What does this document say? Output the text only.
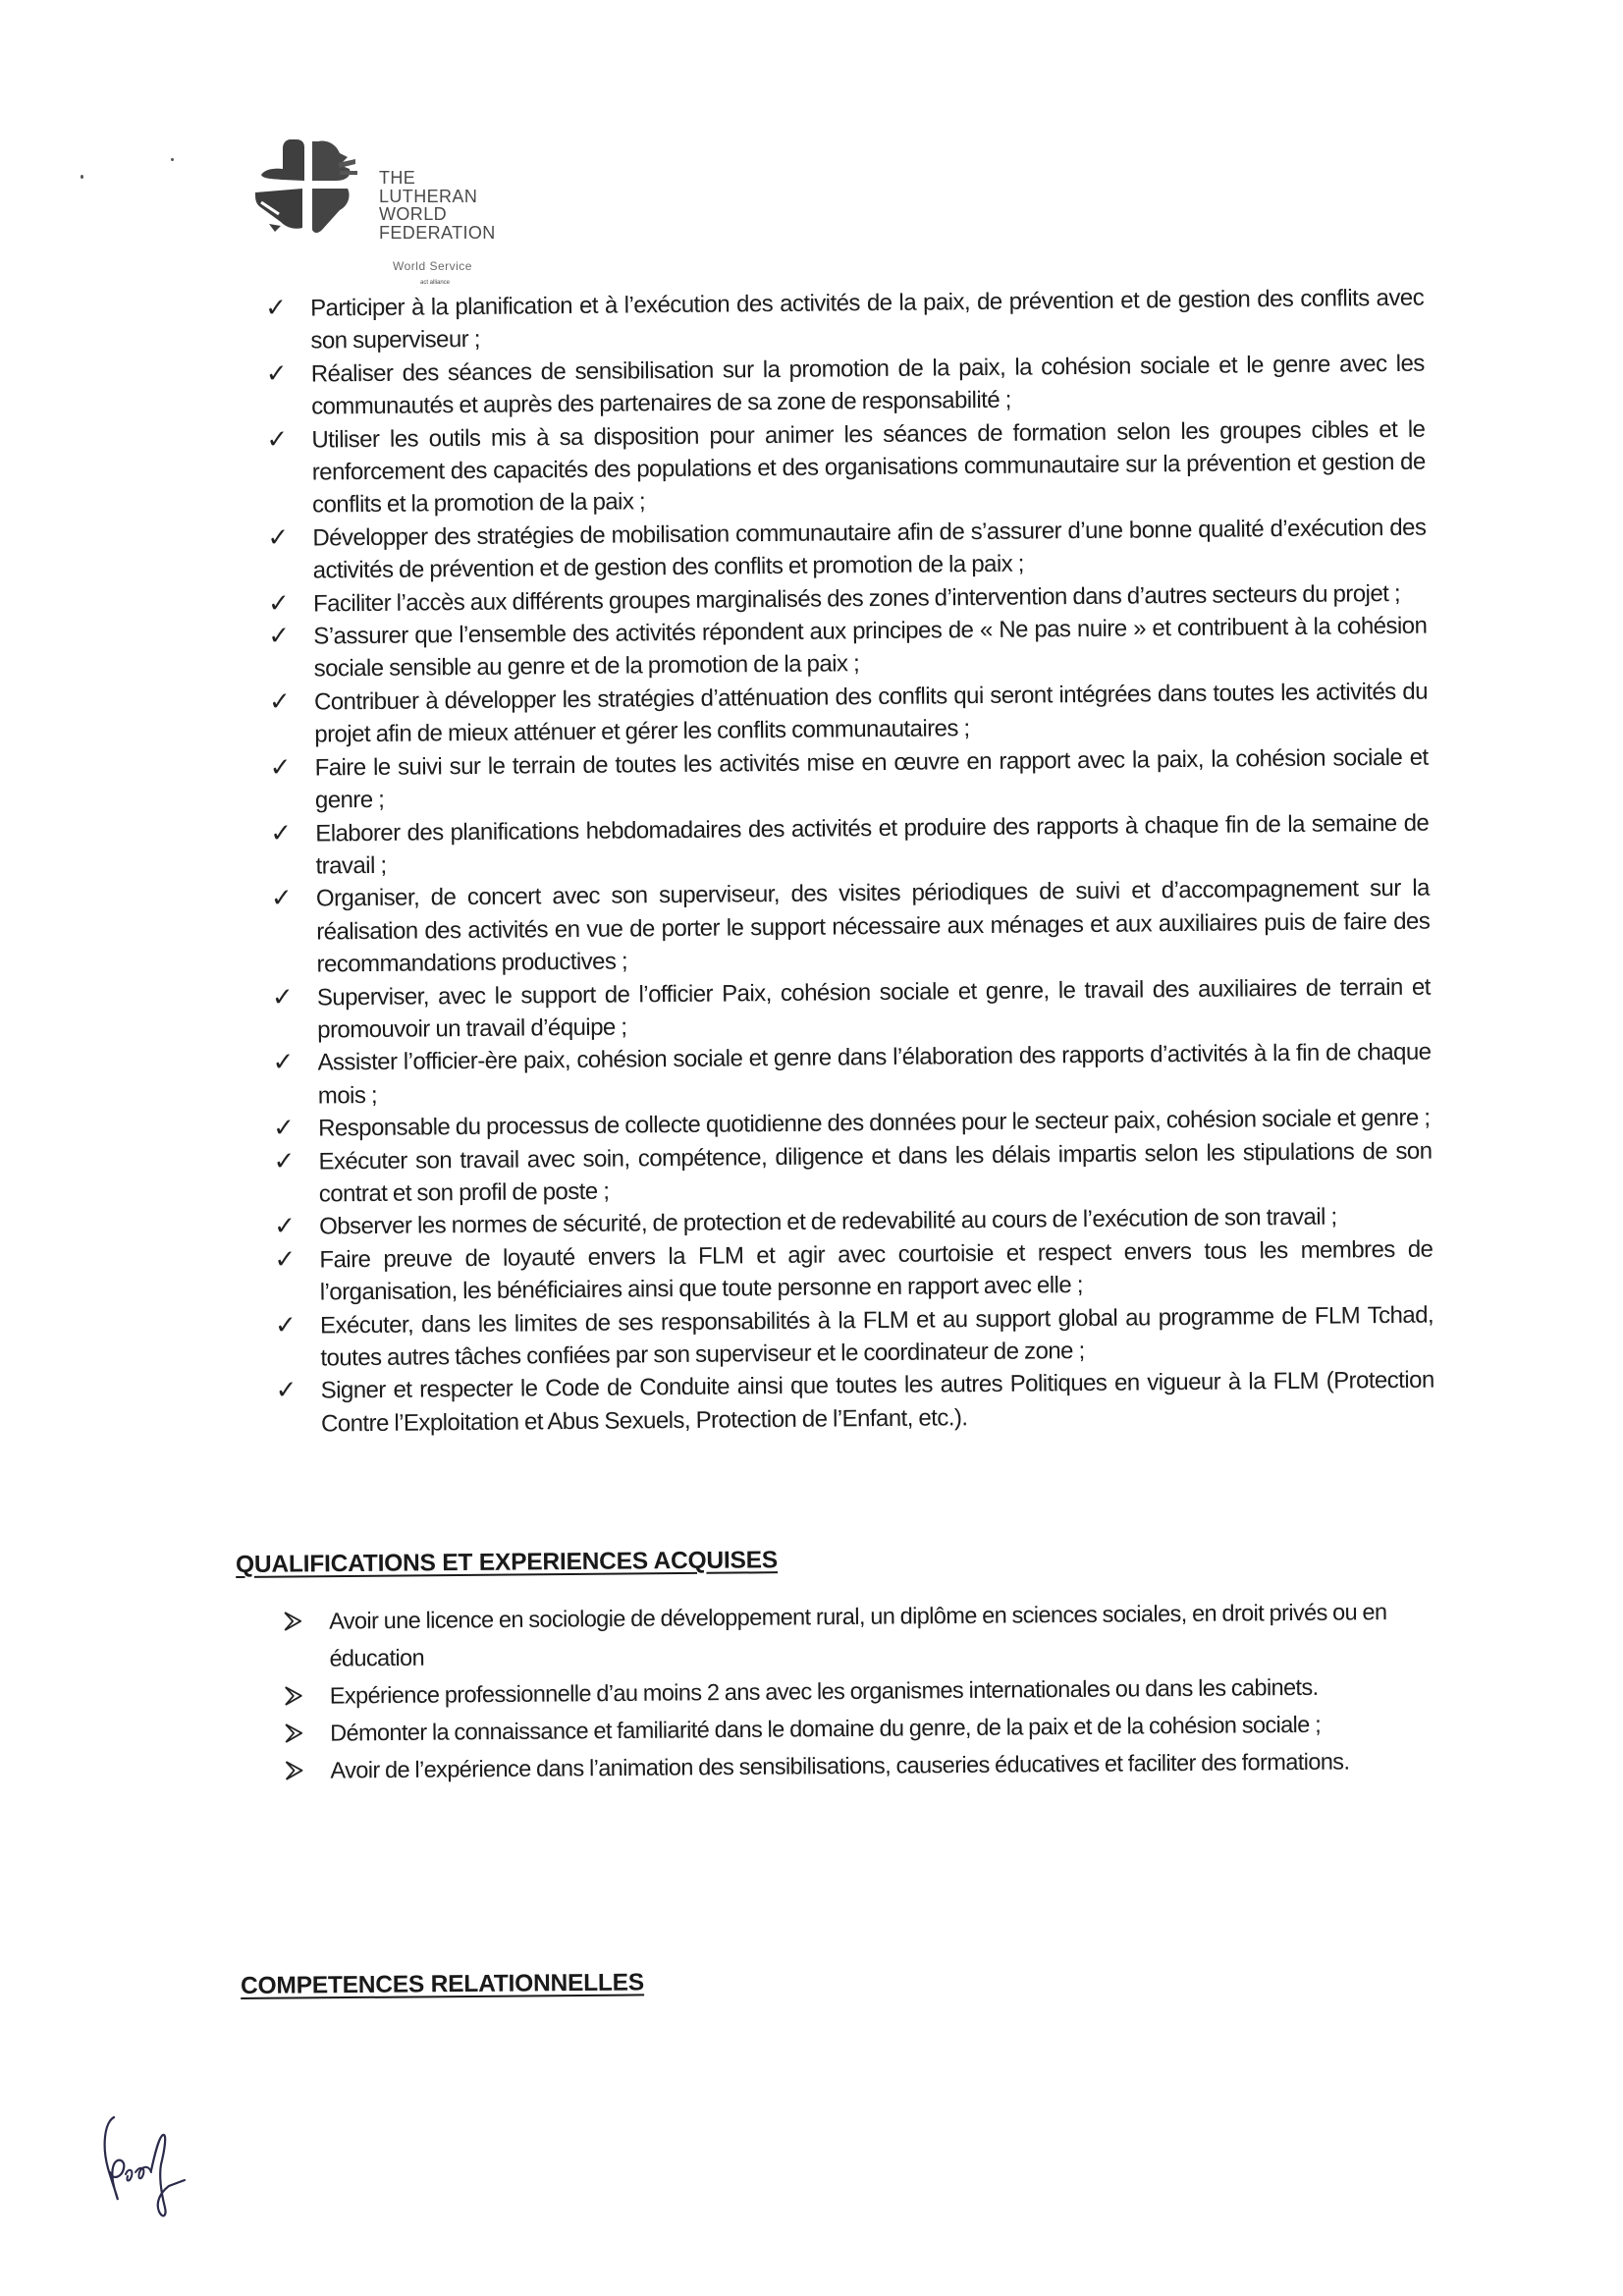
THE
LUTHERAN
WORLD
FEDERATION
World Service
act alliance
✓ Participer à la planification et à l’exécution des activités de la paix, de prévention et de gestion des conflits avec son superviseur ;
✓ Réaliser des séances de sensibilisation sur la promotion de la paix, la cohésion sociale et le genre avec les communautés et auprès des partenaires de sa zone de responsabilité ;
✓ Utiliser les outils mis à sa disposition pour animer les séances de formation selon les groupes cibles et le renforcement des capacités des populations et des organisations communautaire sur la prévention et gestion de conflits et la promotion de la paix ;
✓ Développer des stratégies de mobilisation communautaire afin de s’assurer d’une bonne qualité d’exécution des activités de prévention et de gestion des conflits et promotion de la paix ;
✓ Faciliter l’accès aux différents groupes marginalisés des zones d’intervention dans d’autres secteurs du projet ;
✓ S’assurer que l’ensemble des activités répondent aux principes de « Ne pas nuire » et contribuent à la cohésion sociale sensible au genre et de la promotion de la paix ;
✓ Contribuer à développer les stratégies d’atténuation des conflits qui seront intégrées dans toutes les activités du projet afin de mieux atténuer et gérer les conflits communautaires ;
✓ Faire le suivi sur le terrain de toutes les activités mise en œuvre en rapport avec la paix, la cohésion sociale et genre ;
✓ Elaborer des planifications hebdomadaires des activités et produire des rapports à chaque fin de la semaine de travail ;
✓ Organiser, de concert avec son superviseur, des visites périodiques de suivi et d’accompagnement sur la réalisation des activités en vue de porter le support nécessaire aux ménages et aux auxiliaires puis de faire des recommandations productives ;
✓ Superviser, avec le support de l’officier Paix, cohésion sociale et genre, le travail des auxiliaires de terrain et promouvoir un travail d’équipe ;
✓ Assister l’officier-ère paix, cohésion sociale et genre dans l’élaboration des rapports d’activités à la fin de chaque mois ;
✓ Responsable du processus de collecte quotidienne des données pour le secteur paix, cohésion sociale et genre ;
✓ Exécuter son travail avec soin, compétence, diligence et dans les délais impartis selon les stipulations de son contrat et son profil de poste ;
✓ Observer les normes de sécurité, de protection et de redevabilité au cours de l’exécution de son travail ;
✓ Faire preuve de loyauté envers la FLM et agir avec courtoisie et respect envers tous les membres de l’organisation, les bénéficiaires ainsi que toute personne en rapport avec elle ;
✓ Exécuter, dans les limites de ses responsabilités à la FLM et au support global au programme de FLM Tchad, toutes autres tâches confiées par son superviseur et le coordinateur de zone ;
✓ Signer et respecter le Code de Conduite ainsi que toutes les autres Politiques en vigueur à la FLM (Protection Contre l’Exploitation et Abus Sexuels, Protection de l’Enfant, etc.).
QUALIFICATIONS ET EXPERIENCES ACQUISES
Avoir une licence en sociologie de développement rural, un diplôme en sciences sociales, en droit privés ou en éducation
Expérience professionnelle d’au moins 2 ans avec les organismes internationales ou dans les cabinets.
Démonter la connaissance et familiarité dans le domaine du genre, de la paix et de la cohésion sociale ;
Avoir de l’expérience dans l’animation des sensibilisations, causeries éducatives et faciliter des formations.
COMPETENCES RELATIONNELLES
